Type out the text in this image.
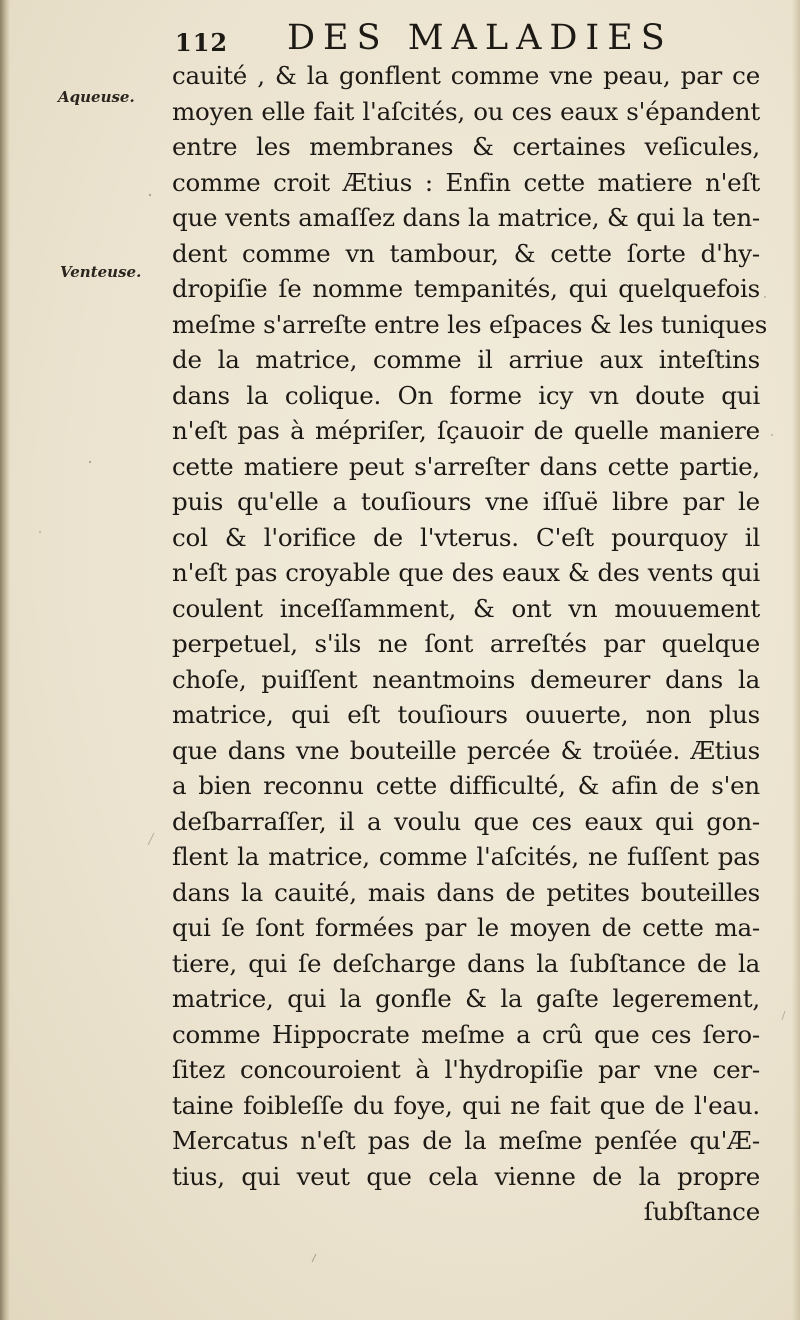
112 DES MALADIES
Aqueuse.
Venteuse.
cauité , & la gonflent comme vne peau, par ce
moyen elle fait l'aſcités, ou ces eaux s'épandent
entre les membranes & certaines veſicules,
comme croit Ætius : Enfin cette matiere n'eſt
que vents amaſſez dans la matrice, & qui la ten-
dent comme vn tambour, & cette ſorte d'hy-
dropiſie ſe nomme tempanités, qui quelquefois
meſme s'arreſte entre les eſpaces & les tuniques
de la matrice, comme il arriue aux inteſtins
dans la colique. On forme icy vn doute qui
n'eſt pas à mépriſer, ſçauoir de quelle maniere
cette matiere peut s'arreſter dans cette partie,
puis qu'elle a touſiours vne iſſuë libre par le
col & l'orifice de l'vterus. C'eſt pourquoy il
n'eſt pas croyable que des eaux & des vents qui
coulent inceſſamment, & ont vn mouuement
perpetuel, s'ils ne ſont arreſtés par quelque
choſe, puiſſent neantmoins demeurer dans la
matrice, qui eſt touſiours ouuerte, non plus
que dans vne bouteille percée & troüée. Ætius
a bien reconnu cette difficulté, & afin de s'en
deſbarraſſer, il a voulu que ces eaux qui gon-
flent la matrice, comme l'aſcités, ne fuſſent pas
dans la cauité, mais dans de petites bouteilles
qui ſe ſont formées par le moyen de cette ma-
tiere, qui ſe deſcharge dans la ſubſtance de la
matrice, qui la gonfle & la gaſte legerement,
comme Hippocrate meſme a crû que ces ſero-
ſitez concouroient à l'hydropiſie par vne cer-
taine foibleſſe du foye, qui ne fait que de l'eau.
Mercatus n'eſt pas de la meſme penſée qu'Æ-
tius, qui veut que cela vienne de la propre
ſubſtance
